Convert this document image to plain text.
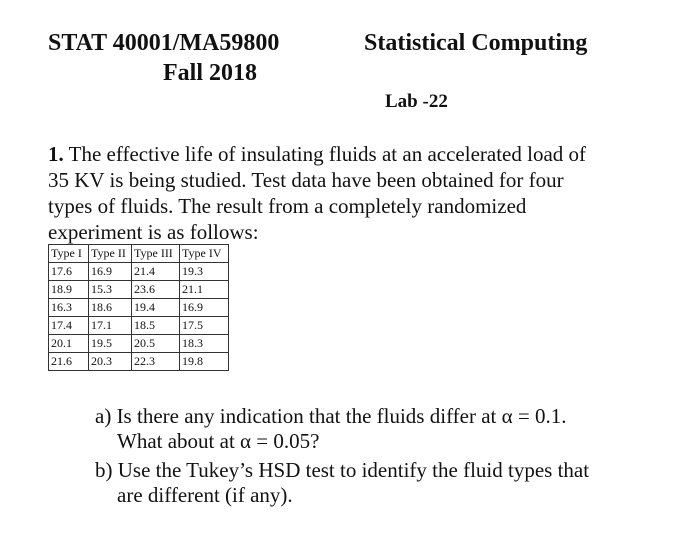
STAT 40001/MA59800	Statistical Computing
Fall 2018
Lab -22
1. The effective life of insulating fluids at an accelerated load of
35 KV is being studied. Test data have been obtained for four
types of fluids. The result from a completely randomized
experiment is as follows:
Type I	Type II	Type III	Type IV
17.6	16.9	21.4	19.3
18.9	15.3	23.6	21.1
16.3	18.6	19.4	16.9
17.4	17.1	18.5	17.5
20.1	19.5	20.5	18.3
21.6	20.3	22.3	19.8
a) Is there any indication that the fluids differ at α = 0.1.
What about at α = 0.05?
b) Use the Tukey’s HSD test to identify the fluid types that
are different (if any).
